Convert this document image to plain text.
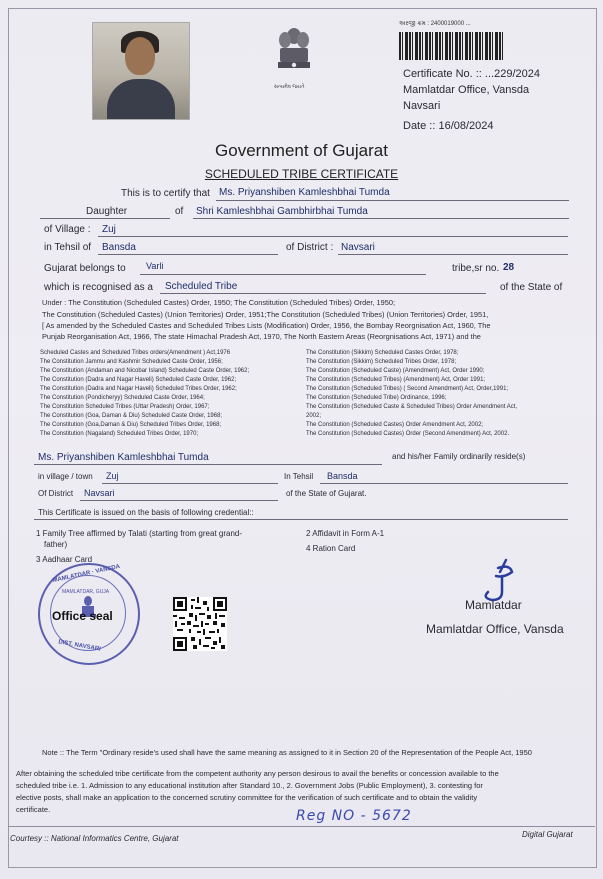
સત્યમેવ જયતે
અરજી ક્રમ : 2400019000 ...
Certificate No. :: ...229/2024
Mamlatdar Office, Vansda
Navsari
Date :: 16/08/2024
Government of Gujarat
SCHEDULED TRIBE CERTIFICATE
This is to certify that Ms. Priyanshiben Kamleshbhai Tumda
Daughter	of Shri Kamleshbhai Gambhirbhai Tumda
of Village : Zuj
in Tehsil of Bansda	of District : Navsari
Gujarat belongs to Varli	tribe,sr no. 28
which is recognised as a Scheduled Tribe	of the State of
Under : The Constitution (Scheduled Castes) Order, 1950; The Constitution (Scheduled Tribes) Order, 1950;
The Constitution (Scheduled Castes) (Union Territories) Order, 1951;The Constitution (Scheduled Tribes) (Union Territories) Order, 1951,
[ As amended by the Scheduled Castes and Scheduled Tribes Lists (Modification) Order, 1956, the Bombay Reorgnisation Act, 1960, The
Punjab Reorganisation Act, 1966, The state Himachal Pradesh Act, 1970, The North Eastern Areas (Reorgnisations Act, 1971) and the
Scheduled Castes and Scheduled Tribes orders(Amendment ) Act,1976
The Constitution Jammu and Kashmir Scheduled Caste Order, 1956;
The Constitution (Andaman and Nicobar Island) Scheduled Caste Order, 1962;
The Constitution (Dadra and Nagar Haveli) Scheduled Caste Order, 1962;
The Constitution (Dadra and Nagar Haveli) Scheduled Tribes Order, 1962;
The Constitution (Pondicheryy) Scheduled Caste Order, 1964;
The Constitution Scheduled Tribes (Uttar Pradesh) Order, 1967;
The Constitution (Goa, Daman & Diu) Scheduled Caste Order, 1968;
The Constitution (Goa,Daman & Diu) Scheduled Tribes Order, 1968;
The Constitution (Nagaland) Scheduled Tribes Order, 1970;
The Constitution (Sikkim) Scheduled Castes Order, 1978;
The Constitution (Sikkim) Scheduled Tribes Order, 1978;
The Constitution (Scheduled Caste) (Amendment) Act, Order 1990;
The Constitution (Scheduled Tribes) (Amendment) Act, Order 1991;
The Constitution (Scheduled Tribes) ( Second Amendment) Act, Order,1991;
The Constitution (Scheduled Tribe) Ordinance, 1996;
The Constitution (Scheduled Caste & Scheduled Tribes) Order Amendment Act,
2002;
The Constitution (Scheduled Castes) Order Amendment Act, 2002;
The Constitution (Scheduled Castes) Order (Second Amendment) Act, 2002.
Ms. Priyanshiben Kamleshbhai Tumda	and his/her Family ordinarily reside(s)
in village / town Zuj	In Tehsil Bansda
Of District Navsari	of the State of Gujarat.
This Certificate is issued on the basis of following credential::
1 Family Tree affirmed by Talati (starting from great grand-
father)
2 Affidavit in Form A-1
3 Aadhaar Card
4 Ration Card
MAMLATDAR · VANSDA
MAMLATDAR, GUJA
Office seal
DIST. NAVSARI
Mamlatdar
Mamlatdar Office, Vansda
Note :: The Term "Ordinary reside's used shall have the same meaning as assigned to it in Section 20 of the Representation of the People Act, 1950
After obtaining the scheduled tribe certificate from the competent authority any person desirous to avail the benefits or concession available to the
scheduled tribe i.e. 1. Admission to any educational institution after Standard 10., 2. Government Jobs (Public Employment), 3. contesting for
elective posts, shall make an application to the concerned scrutiny committee for the verification of such certificate and to obtain the validity
certificate.	Reg NO - 5672
Courtesy :: National Informatics Centre, Gujarat	Digital Gujarat
